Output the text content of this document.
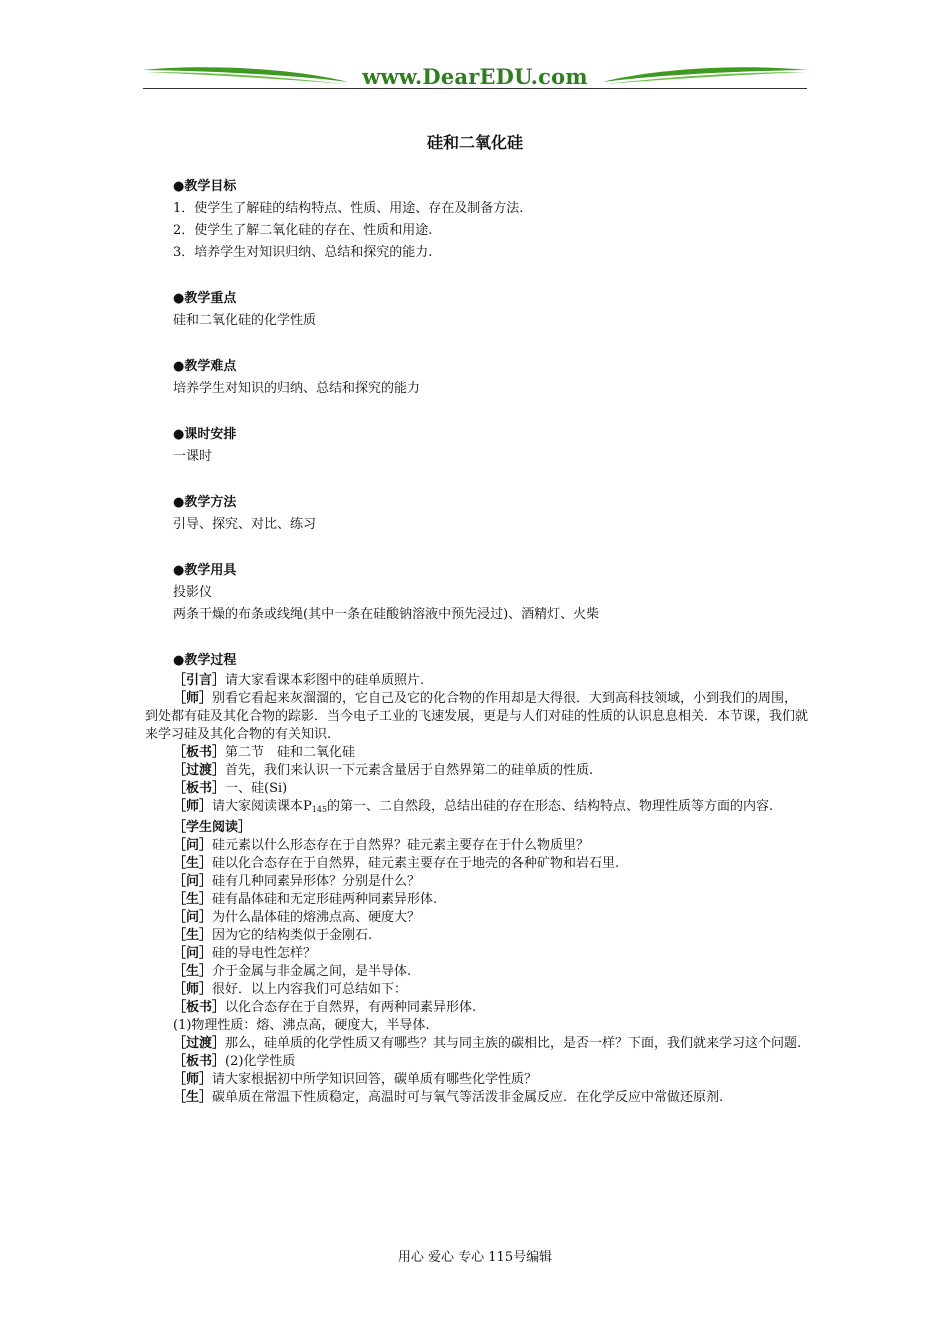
www.DearEDU.com
硅和二氧化硅

●教学目标

1．使学生了解硅的结构特点、性质、用途、存在及制备方法.

2．使学生了解二氧化硅的存在、性质和用途.

3．培养学生对知识归纳、总结和探究的能力.

●教学重点

硅和二氧化硅的化学性质

●教学难点

培养学生对知识的归纳、总结和探究的能力

●课时安排

一课时

●教学方法

引导、探究、对比、练习

●教学用具

投影仪

两条干燥的布条或线绳(其中一条在硅酸钠溶液中预先浸过)、酒精灯、火柴

●教学过程

［引言］请大家看课本彩图中的硅单质照片.

［师］别看它看起来灰溜溜的，它自己及它的化合物的作用却是大得很．大到高科技领域，小到我们的周围，到处都有硅及其化合物的踪影．当今电子工业的飞速发展，更是与人们对硅的性质的认识息息相关．本节课，我们就来学习硅及其化合物的有关知识.

［板书］第二节　硅和二氧化硅

［过渡］首先，我们来认识一下元素含量居于自然界第二的硅单质的性质.

［板书］一、硅(Si)

［师］请大家阅读课本$P_{145}$的第一、二自然段，总结出硅的存在形态、结构特点、物理性质等方面的内容.

［学生阅读］

［问］硅元素以什么形态存在于自然界？硅元素主要存在于什么物质里？

［生］硅以化合态存在于自然界，硅元素主要存在于地壳的各种矿物和岩石里.

［问］硅有几种同素异形体？分别是什么？

［生］硅有晶体硅和无定形硅两种同素异形体.

［问］为什么晶体硅的熔沸点高、硬度大？

［生］因为它的结构类似于金刚石.

［问］硅的导电性怎样？

［生］介于金属与非金属之间，是半导体.

［师］很好．以上内容我们可总结如下：

［板书］以化合态存在于自然界，有两种同素异形体.

(1)物理性质：熔、沸点高，硬度大，半导体.

［过渡］那么，硅单质的化学性质又有哪些？其与同主族的碳相比，是否一样？下面，我们就来学习这个问题.

［板书］(2)化学性质

［师］请大家根据初中所学知识回答，碳单质有哪些化学性质？

［生］碳单质在常温下性质稳定，高温时可与氧气等活泼非金属反应．在化学反应中常做还原剂.

用心 爱心 专心 115号编辑
